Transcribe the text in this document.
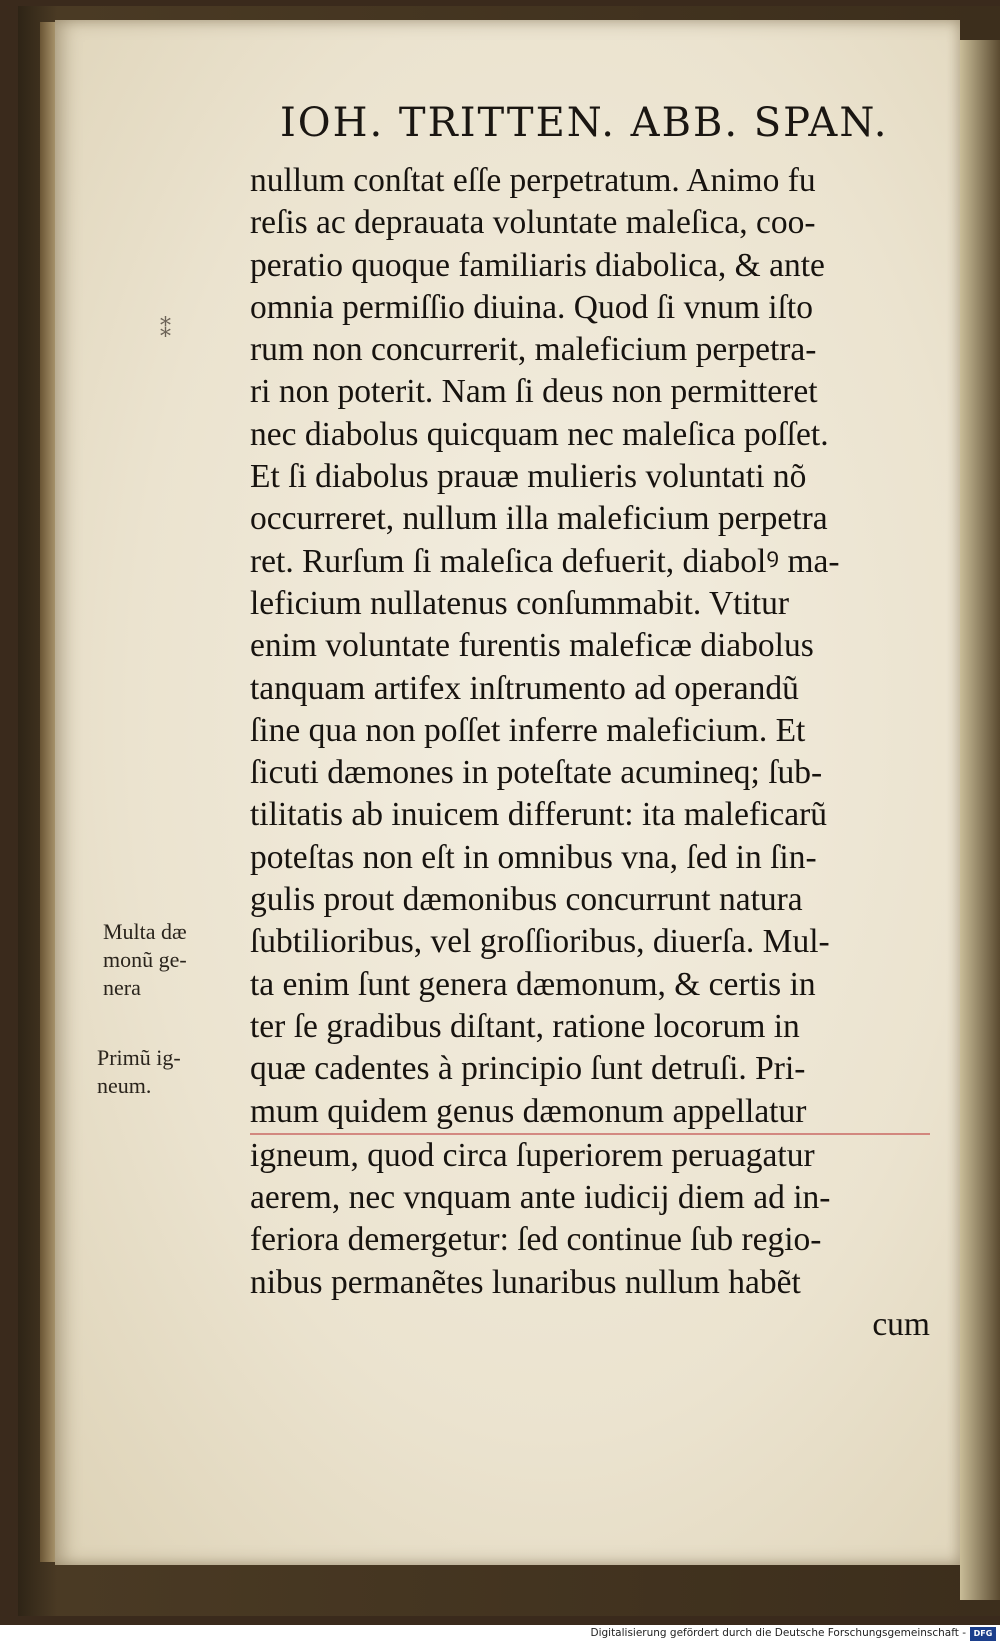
IOH. TRITTEN. ABB. SPAN.
⁑
Multa dæ
monũ ge-
nera
Primũ ig-
neum.
nullum conſtat eſſe perpetratum. Animo fu
reſis ac deprauata voluntate maleſica, coo-
peratio quoque familiaris diabolica, & ante
omnia permiſſio diuina. Quod ſi vnum iſto
rum non concurrerit, maleficium perpetra-
ri non poterit. Nam ſi deus non permitteret
nec diabolus quicquam nec maleſica poſſet.
Et ſi diabolus prauæ mulieris voluntati nõ
occurreret, nullum illa maleficium perpetra
ret. Rurſum ſi maleſica defuerit, diabolꝰ ma-
leficium nullatenus conſummabit. Vtitur
enim voluntate furentis maleficæ diabolus
tanquam artifex inſtrumento ad operandũ
ſine qua non poſſet inferre maleficium. Et
ſicuti dæmones in poteſtate acumineq; ſub-
tilitatis ab inuicem differunt: ita maleficarũ
poteſtas non eſt in omnibus vna, ſed in ſin-
gulis prout dæmonibus concurrunt natura
ſubtilioribus, vel groſſioribus, diuerſa. Mul-
ta enim ſunt genera dæmonum, & certis in
ter ſe gradibus diſtant, ratione locorum in
quæ cadentes à principio ſunt detruſi. Pri-
mum quidem genus dæmonum appellatur
igneum, quod circa ſuperiorem peruagatur
aerem, nec vnquam ante iudicij diem ad in-
feriora demergetur: ſed continue ſub regio-
nibus permanẽtes lunaribus nullum habẽt
cum
Digitalisierung gefördert durch die Deutsche Forschungsgemeinschaft - DFG
